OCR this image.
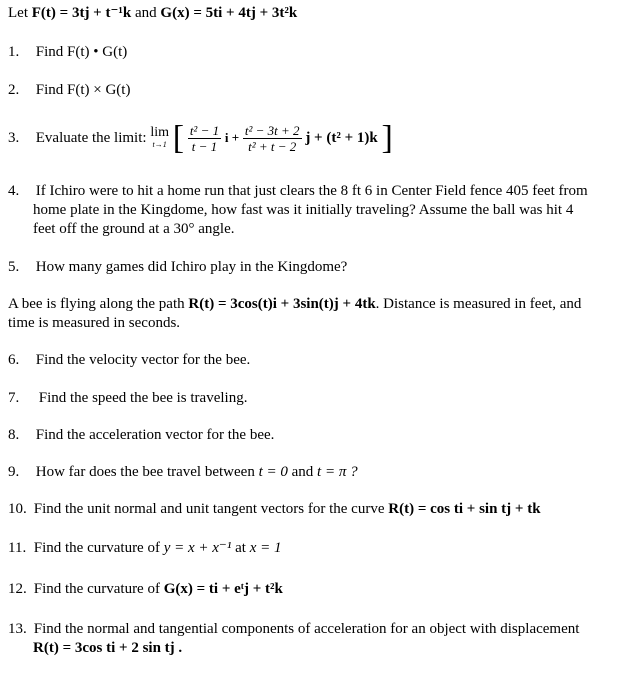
Let F(t) = 3tj + t⁻¹k and G(x) = 5ti + 4tj + 3t²k
1. Find F(t) • G(t)
2. Find F(t) × G(t)
3. Evaluate the limit: lim
t→1 [ $\frac{\text{t² − 1}}{t - 1}$ $i + \frac{\text{t² − 3t + 2}}{\text{t² + t − 2}}$ j + (t² + 1)k ]
4. If Ichiro were to hit a home run that just clears the 8 ft 6 in Center Field fence 405 feet from
home plate in the Kingdome, how fast was it initially traveling? Assume the ball was hit 4
feet off the ground at a 30° angle.
5. How many games did Ichiro play in the Kingdome?
A bee is flying along the path R(t) = 3cos(t)i + 3sin(t)j + 4tk. Distance is measured in feet, and
time is measured in seconds.
6. Find the velocity vector for the bee.
7. Find the speed the bee is traveling.
8. Find the acceleration vector for the bee.
9. How far does the bee travel between t = 0 and t = π ?
10. Find the unit normal and unit tangent vectors for the curve R(t) = cos ti + sin tj + tk
11. Find the curvature of y = x + x⁻¹ at x = 1
12. Find the curvature of G(x) = ti + eᵗj + t²k
13. Find the normal and tangential components of acceleration for an object with displacement
R(t) = 3cos ti + 2 sin tj .
